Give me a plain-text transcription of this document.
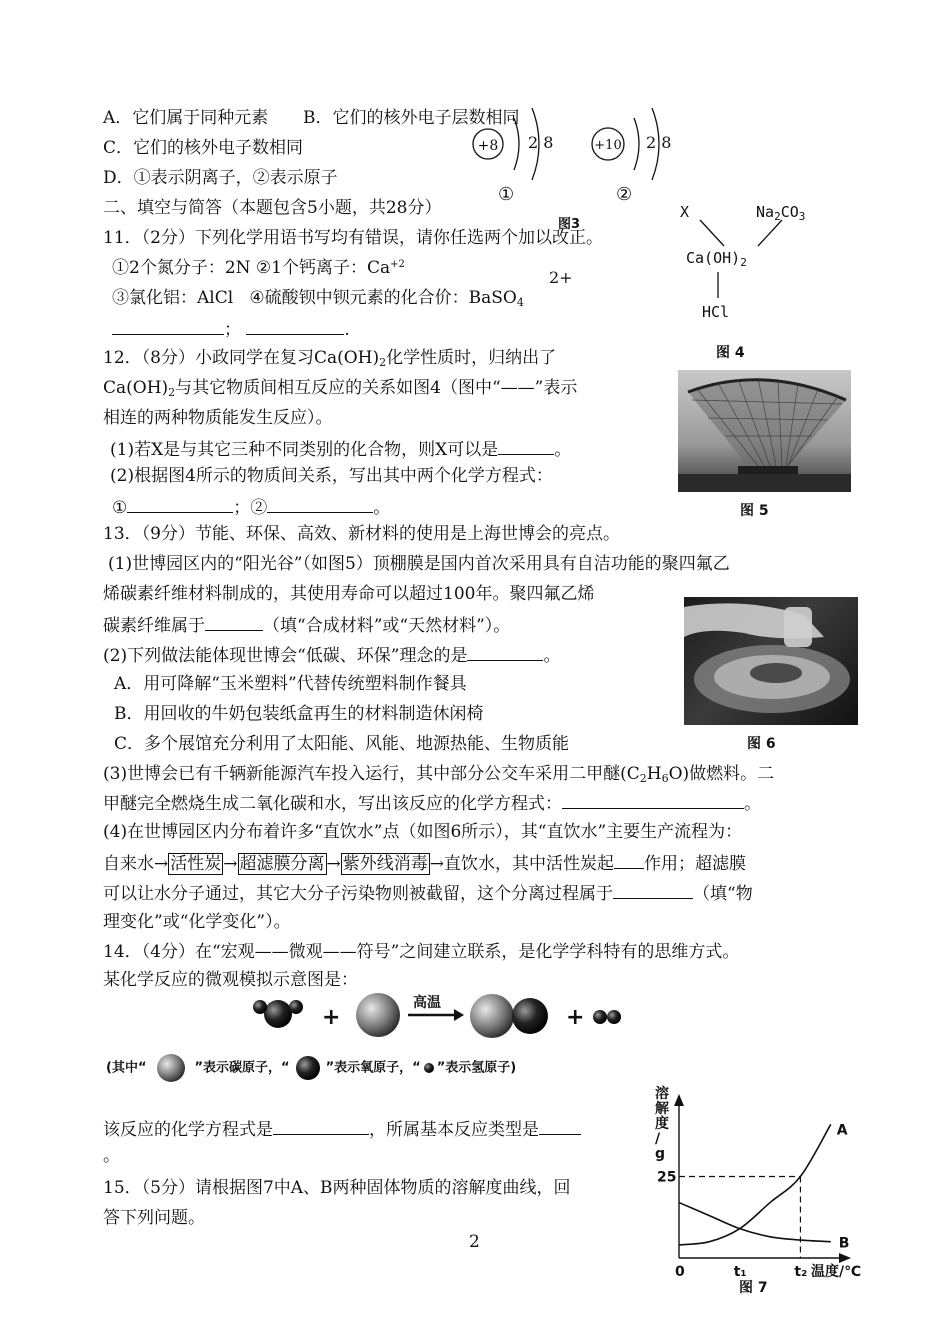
A．它们属于同种元素 B．它们的核外电子层数相同
C．它们的核外电子数相同
D．①表示阴离子，②表示原子
+8 2 8
①
+10 2 8
②
图3
二、填空与简答（本题包含5小题，共28分）
11．（2分）下列化学用语书写均有错误，请你任选两个加以改正。
①2个氮分子：2N ②1个钙离子：$Ca^{+2}$
2+
③氯化铝：AlCl ④硫酸钡中钡元素的化合价：BaSO$_4$
；	.
X	$Na_2CO_3$
$Ca(OH)_2$
HCl
图 4
12．（8分）小政同学在复习$Ca(OH)_2$化学性质时，归纳出了
$Ca(OH)_2$与其它物质间相互反应的关系如图4（图中“——”表示
相连的两种物质能发生反应）。
(1)若X是与其它三种不同类别的化合物，则X可以是	。
(2)根据图4所示的物质间关系，写出其中两个化学方程式：
①	；②	。	图 5
13．（9分）节能、环保、高效、新材料的使用是上海世博会的亮点。
(1)世博园区内的“阳光谷”（如图5）顶棚膜是国内首次采用具有自洁功能的聚四氟乙
烯碳素纤维材料制成的，其使用寿命可以超过100年。聚四氟乙烯
碳素纤维属于	（填“合成材料”或“天然材料”）。
(2)下列做法能体现世博会“低碳、环保”理念的是	。
A．用可降解“玉米塑料”代替传统塑料制作餐具
B．用回收的牛奶包装纸盒再生的材料制造休闲椅
C．多个展馆充分利用了太阳能、风能、地源热能、生物质能	图 6
(3)世博会已有千辆新能源汽车投入运行，其中部分公交车采用二甲醚$(C_2H_6O)$做燃料。二
甲醚完全燃烧生成二氧化碳和水，写出该反应的化学方程式：	。
(4)在世博园区内分布着许多“直饮水”点（如图6所示），其“直饮水”主要生产流程为：
自来水→ 活性炭 → 超滤膜分离 → 紫外线消毒 →直饮水，其中活性炭起 作用；超滤膜
可以让水分子通过，其它大分子污染物则被截留，这个分离过程属于	（填“物
理变化”或“化学变化”）。
14．（4分）在“宏观——微观——符号”之间建立联系，是化学学科特有的思维方式。
某化学反应的微观模拟示意图是：
+
高温
+
(其中“	”表示碳原子，“	”表示氧原子，“ ”表示氢原子)
该反应的化学方程式是	，所属基本反应类型是
。
15．（5分）请根据图7中A、B两种固体物质的溶解度曲线，回
答下列问题。
溶解度/ g
温度/℃
25
0	t₁	t₂
A
B
图 7
2
